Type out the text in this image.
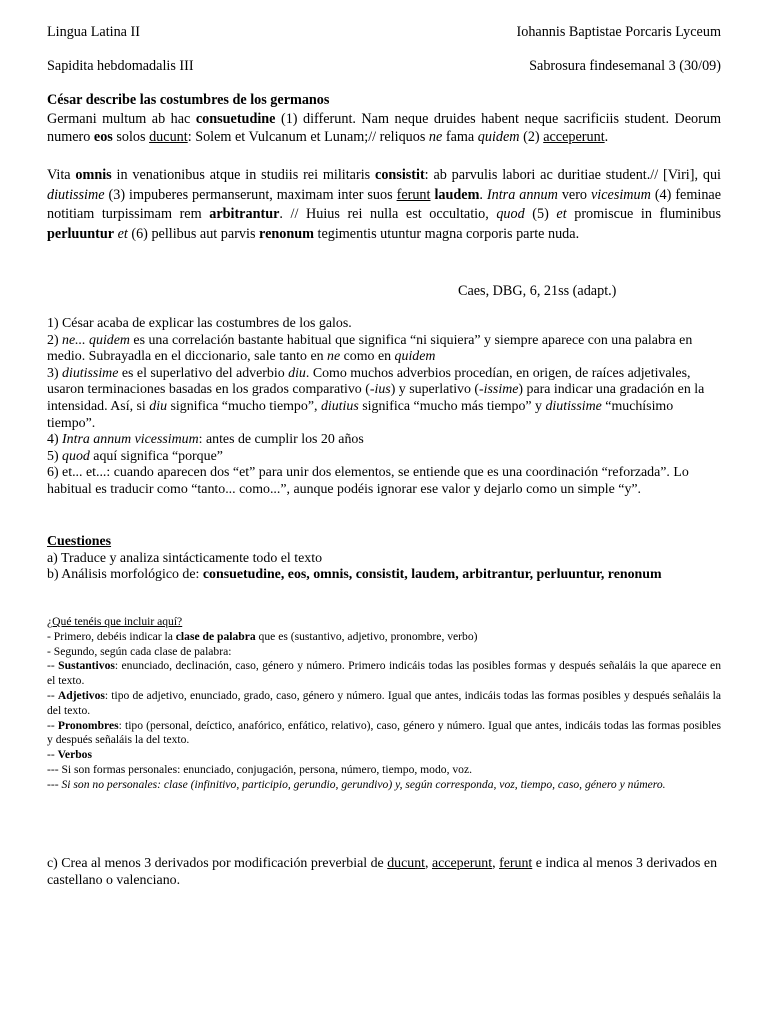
Lingua Latina II	Iohannis Baptistae Porcaris Lyceum
Sapidita hebdomadalis III	Sabrosura findesemanal 3 (30/09)
César describe las costumbres de los germanos
Germani multum ab hac consuetudine (1) differunt. Nam neque druides habent neque sacrificiis student. Deorum numero eos solos ducunt: Solem et Vulcanum et Lunam;// reliquos ne fama quidem (2) acceperunt.
Vita omnis in venationibus atque in studiis rei militaris consistit: ab parvulis labori ac duritiae student.// [Viri], qui diutissime (3) impuberes permanserunt, maximam inter suos ferunt laudem. Intra annum vero vicesimum (4) feminae notitiam turpissimam rem arbitrantur. // Huius rei nulla est occultatio, quod (5) et promiscue in fluminibus perluuntur et (6) pellibus aut parvis renonum tegimentis utuntur magna corporis parte nuda.
Caes, DBG, 6, 21ss (adapt.)
1) César acaba de explicar las costumbres de los galos.
2) ne... quidem es una correlación bastante habitual que significa “ni siquiera” y siempre aparece con una palabra en medio. Subrayadla en el diccionario, sale tanto en ne como en quidem
3) diutissime es el superlativo del adverbio diu. Como muchos adverbios procedían, en origen, de raíces adjetivales, usaron terminaciones basadas en los grados comparativo (-ius) y superlativo (-issime) para indicar una gradación en la intensidad. Así, si diu significa “mucho tiempo”, diutius significa “mucho más tiempo” y diutissime “muchísimo tiempo”.
4) Intra annum vicessimum: antes de cumplir los 20 años
5) quod aquí significa “porque”
6) et... et...: cuando aparecen dos “et” para unir dos elementos, se entiende que es una coordinación “reforzada”. Lo habitual es traducir como “tanto... como...”, aunque podéis ignorar ese valor y dejarlo como un simple “y”.
Cuestiones
a) Traduce y analiza sintácticamente todo el texto
b) Análisis morfológico de: consuetudine, eos, omnis, consistit, laudem, arbitrantur, perluuntur, renonum
¿Qué tenéis que incluir aquí?
- Primero, debéis indicar la clase de palabra que es (sustantivo, adjetivo, pronombre, verbo)
- Segundo, según cada clase de palabra:
-- Sustantivos: enunciado, declinación, caso, género y número. Primero indicáis todas las posibles formas y después señaláis la que aparece en el texto.
-- Adjetivos: tipo de adjetivo, enunciado, grado, caso, género y número. Igual que antes, indicáis todas las formas posibles y después señaláis la del texto.
-- Pronombres: tipo (personal, deíctico, anafórico, enfático, relativo), caso, género y número. Igual que antes, indicáis todas las formas posibles y después señaláis la del texto.
-- Verbos
--- Si son formas personales: enunciado, conjugación, persona, número, tiempo, modo, voz.
--- Si son no personales: clase (infinitivo, participio, gerundio, gerundivo) y, según corresponda, voz, tiempo, caso, género y número.
c) Crea al menos 3 derivados por modificación preverbial de ducunt, acceperunt, ferunt e indica al menos 3 derivados en castellano o valenciano.
